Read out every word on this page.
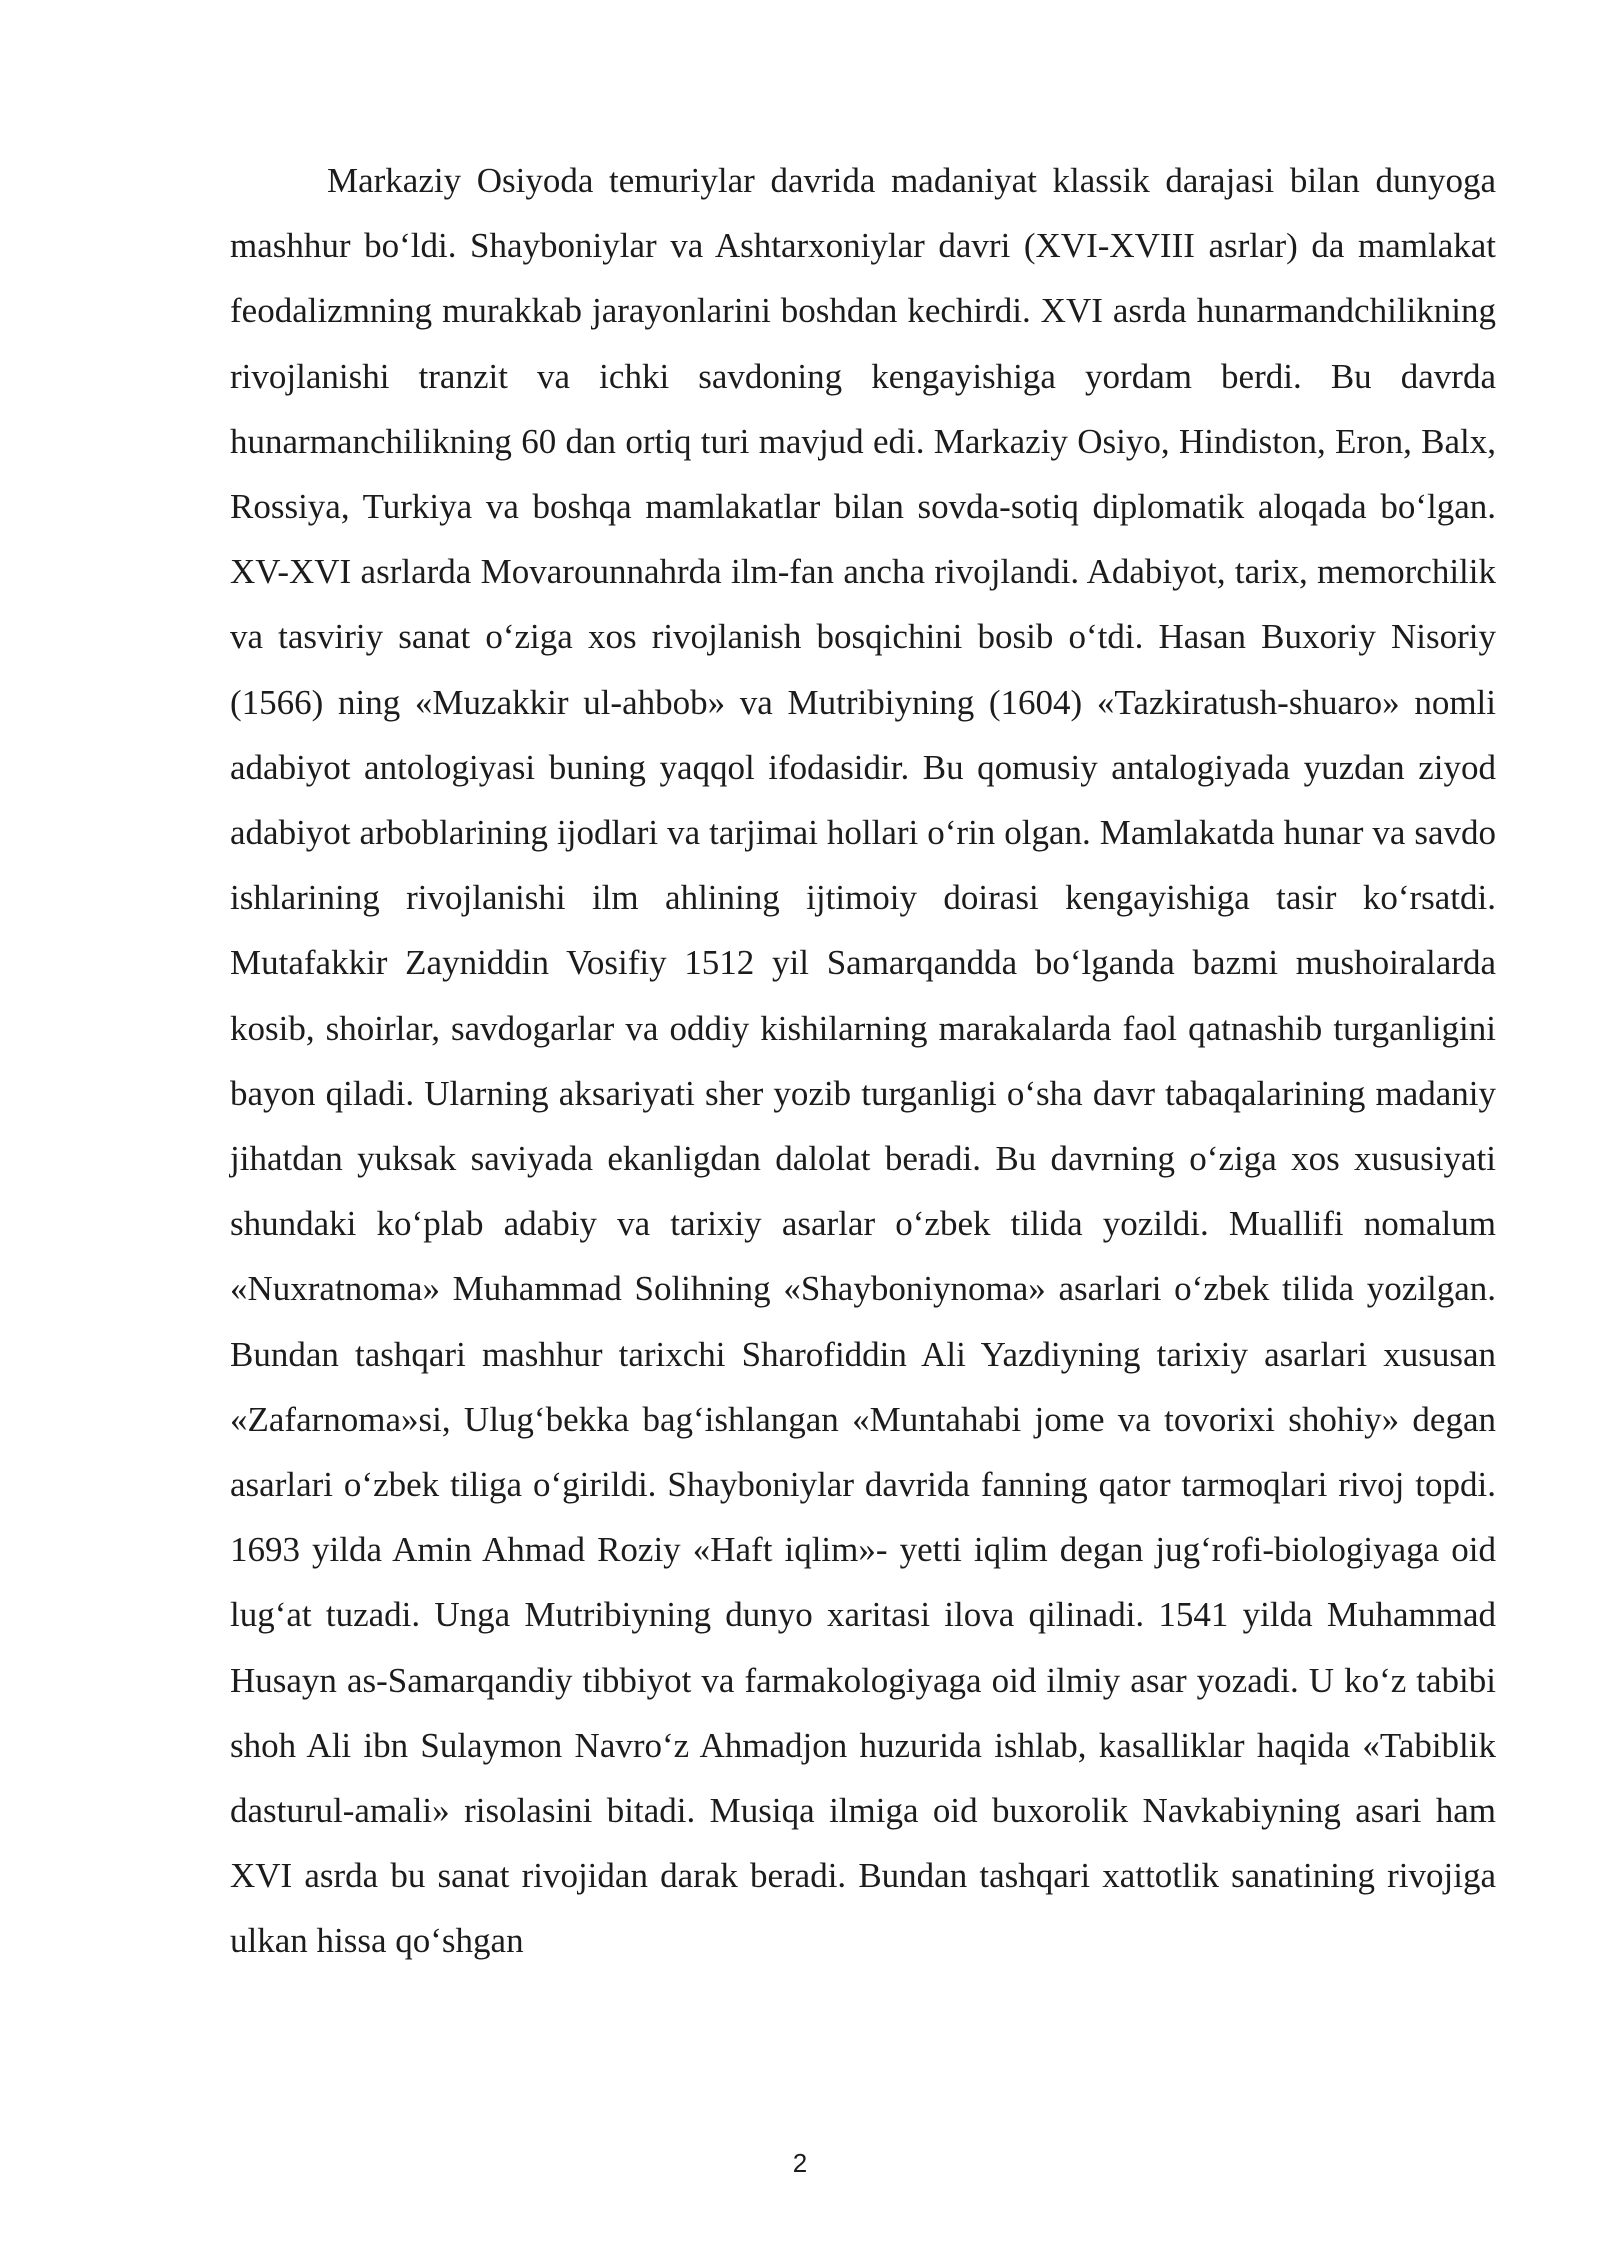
Markaziy Osiyoda temuriylar davrida madaniyat klassik darajasi bilan dunyoga mashhur bo‘ldi. Shayboniylar va Ashtarxoniylar davri (XVI-XVIII asrlar) da mamlakat feodalizmning murakkab jarayonlarini boshdan kechirdi. XVI asrda hunarmandchilikning rivojlanishi tranzit va ichki savdoning kengayishiga yordam berdi. Bu davrda hunarmanchilikning 60 dan ortiq turi mavjud edi. Markaziy Osiyo, Hindiston, Eron, Balx, Rossiya, Turkiya va boshqa mamlakatlar bilan sovda-sotiq diplomatik aloqada bo‘lgan. XV-XVI asrlarda Movarounnahrda ilm-fan ancha rivojlandi. Adabiyot, tarix, memorchilik va tasviriy sanat o‘ziga xos rivojlanish bosqichini bosib o‘tdi. Hasan Buxoriy Nisoriy (1566) ning «Muzakkir ul-ahbob» va Mutribiyning (1604) «Tazkiratush-shuaro» nomli adabiyot antologiyasi buning yaqqol ifodasidir. Bu qomusiy antalogiyada yuzdan ziyod adabiyot arboblarining ijodlari va tarjimai hollari o‘rin olgan. Mamlakatda hunar va savdo ishlarining rivojlanishi ilm ahlining ijtimoiy doirasi kengayishiga tasir ko‘rsatdi. Mutafakkir Zayniddin Vosifiy 1512 yil Samarqandda bo‘lganda bazmi mushoiralarda kosib, shoirlar, savdogarlar va oddiy kishilarning marakalarda faol qatnashib turganligini bayon qiladi. Ularning aksariyati sher yozib turganligi o‘sha davr tabaqalarining madaniy jihatdan yuksak saviyada ekanligdan dalolat beradi. Bu davrning o‘ziga xos xususiyati shundaki ko‘plab adabiy va tarixiy asarlar o‘zbek tilida yozildi. Muallifi nomalum «Nuxratnoma» Muhammad Solihning «Shayboniynoma» asarlari o‘zbek tilida yozilgan. Bundan tashqari mashhur tarixchi Sharofiddin Ali Yazdiyning tarixiy asarlari xususan «Zafarnoma»si, Ulug‘bekka bag‘ishlangan «Muntahabi jome va tovorixi shohiy» degan asarlari o‘zbek tiliga o‘girildi. Shayboniylar davrida fanning qator tarmoqlari rivoj topdi. 1693 yilda Amin Ahmad Roziy «Haft iqlim»- yetti iqlim degan jug‘rofi-biologiyaga oid lug‘at tuzadi. Unga Mutribiyning dunyo xaritasi ilova qilinadi. 1541 yilda Muhammad Husayn as-Samarqandiy tibbiyot va farmakologiyaga oid ilmiy asar yozadi. U ko‘z tabibi shoh Ali ibn Sulaymon Navro‘z Ahmadjon huzurida ishlab, kasalliklar haqida «Tabiblik dasturul-amali» risolasini bitadi. Musiqa ilmiga oid buxorolik Navkabiyning asari ham XVI asrda bu sanat rivojidan darak beradi. Bundan tashqari xattotlik sanatining rivojiga ulkan hissa qo‘shgan

2
